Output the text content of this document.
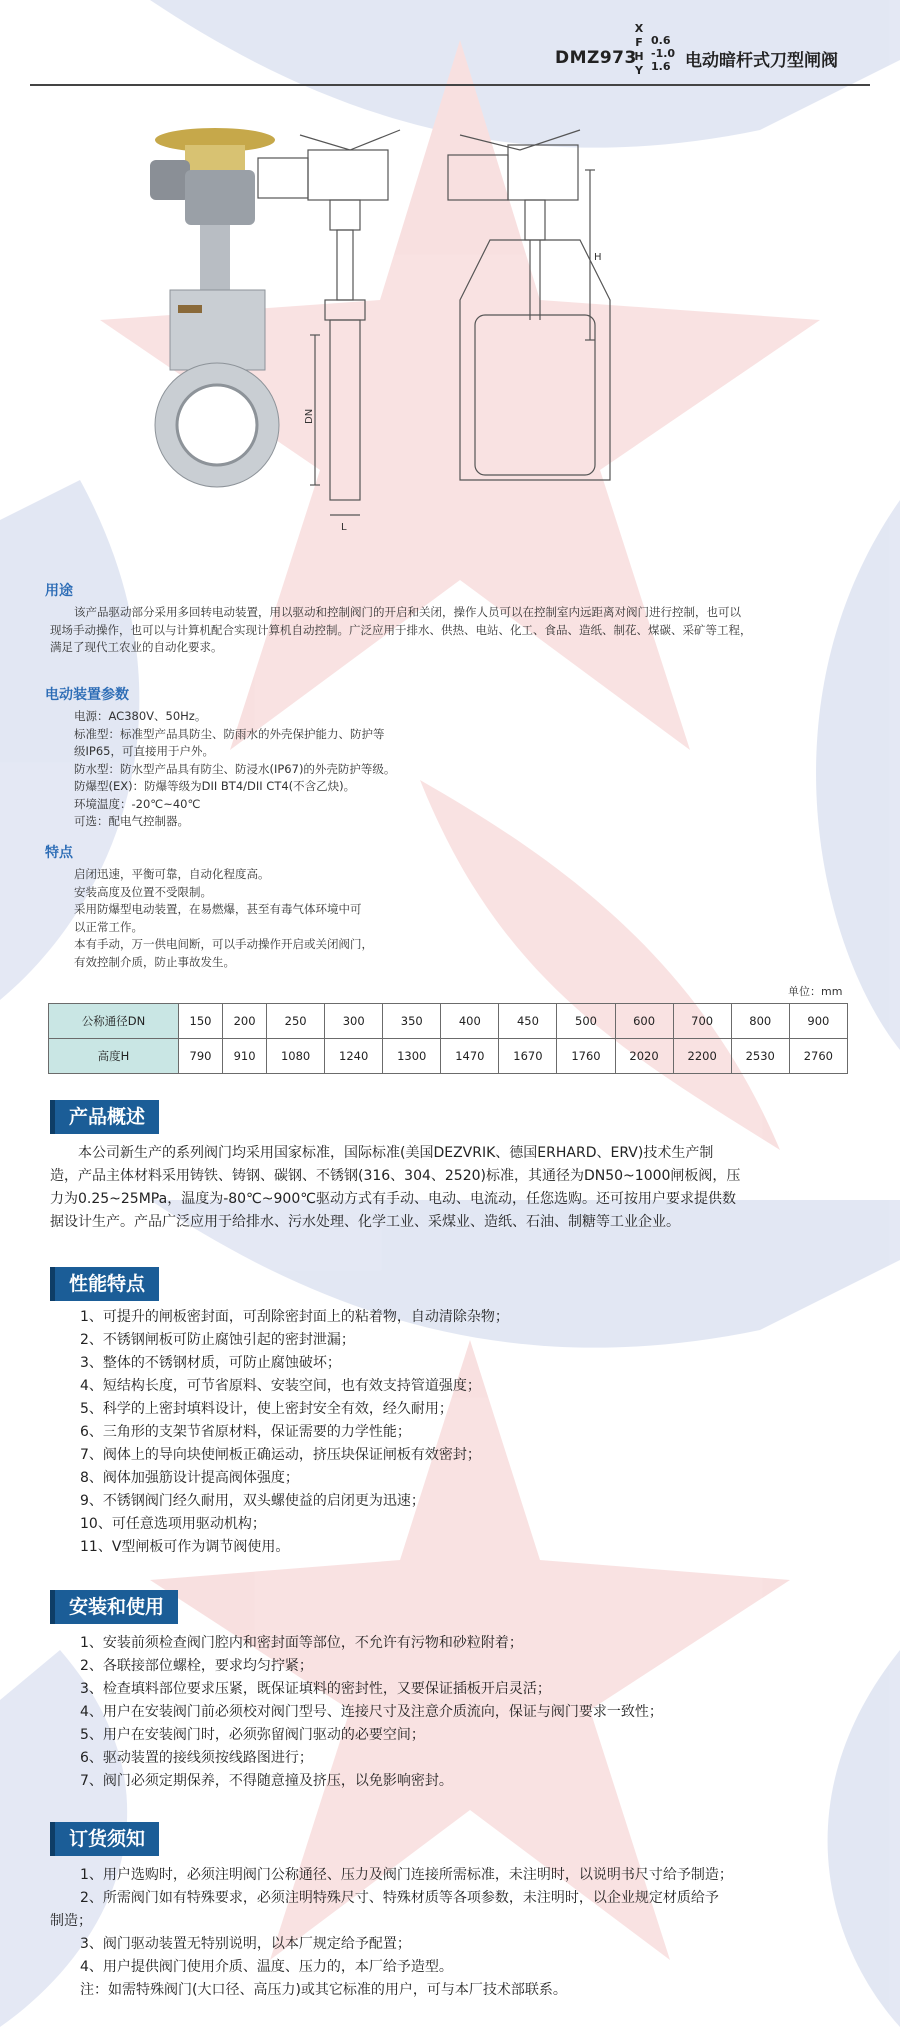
DMZ973
X
F
H
Y
0.6
-1.0
1.6 电动暗杆式刀型闸阀
DN
L
H
用途
该产品驱动部分采用多回转电动装置，用以驱动和控制阀门的开启和关闭，操作人员可以在控制室内远距离对阀门进行控制，也可以
现场手动操作，也可以与计算机配合实现计算机自动控制。广泛应用于排水、供热、电站、化工、食品、造纸、制花、煤碳、采矿等工程，
满足了现代工农业的自动化要求。
电动装置参数
电源：AC380V、50Hz。
标准型：标准型产品具防尘、防雨水的外壳保护能力、防护等
级IP65，可直接用于户外。
防水型：防水型产品具有防尘、防浸水(IP67)的外壳防护等级。
防爆型(EX)：防爆等级为DII BT4/DII CT4(不含乙炔)。
环境温度：-20℃~40℃
可选：配电气控制器。
特点
启闭迅速，平衡可靠，自动化程度高。
安装高度及位置不受限制。
采用防爆型电动装置，在易燃爆，甚至有毒气体环境中可
以正常工作。
本有手动，万一供电间断，可以手动操作开启或关闭阀门，
有效控制介质，防止事故发生。
单位：mm
公称通径DN	150	200	250	300	350	400	450	500	600	700	800	900
高度H	790	910	1080	1240	1300	1470	1670	1760	2020	2200	2530	2760
产品概述
　　本公司新生产的系列阀门均采用国家标准，国际标准(美国DEZVRIK、德国ERHARD、ERV)技术生产制
造，产品主体材料采用铸铁、铸钢、碳钢、不锈钢(316、304、2520)标准，其通径为DN50~1000闸板阀，压
力为0.25~25MPa，温度为-80℃~900℃驱动方式有手动、电动、电流动，任您选购。还可按用户要求提供数
据设计生产。产品广泛应用于给排水、污水处理、化学工业、采煤业、造纸、石油、制糖等工业企业。
性能特点
1、可提升的闸板密封面，可刮除密封面上的粘着物，自动清除杂物；
2、不锈钢闸板可防止腐蚀引起的密封泄漏；
3、整体的不锈钢材质，可防止腐蚀破坏；
4、短结构长度，可节省原料、安装空间，也有效支持管道强度；
5、科学的上密封填料设计，使上密封安全有效，经久耐用；
6、三角形的支架节省原材料，保证需要的力学性能；
7、阀体上的导向块使闸板正确运动，挤压块保证闸板有效密封；
8、阀体加强筋设计提高阀体强度；
9、不锈钢阀门经久耐用，双头螺使益的启闭更为迅速；
10、可任意选项用驱动机构；
11、V型闸板可作为调节阀使用。
安装和使用
1、安装前须检查阀门腔内和密封面等部位，不允许有污物和砂粒附着；
2、各联接部位螺栓，要求均匀拧紧；
3、检查填料部位要求压紧，既保证填料的密封性，又要保证插板开启灵活；
4、用户在安装阀门前必须校对阀门型号、连接尺寸及注意介质流向，保证与阀门要求一致性；
5、用户在安装阀门时，必须弥留阀门驱动的必要空间；
6、驱动装置的接线须按线路图进行；
7、阀门必须定期保养，不得随意撞及挤压，以免影响密封。
订货须知
1、用户选购时，必须注明阀门公称通径、压力及阀门连接所需标准，未注明时，以说明书尺寸给予制造；
2、所需阀门如有特殊要求，必须注明特殊尺寸、特殊材质等各项参数，未注明时，以企业规定材质给予
制造；
3、阀门驱动装置无特别说明，以本厂规定给予配置；
4、用户提供阀门使用介质、温度、压力的，本厂给予造型。
注：如需特殊阀门(大口径、高压力)或其它标准的用户，可与本厂技术部联系。
